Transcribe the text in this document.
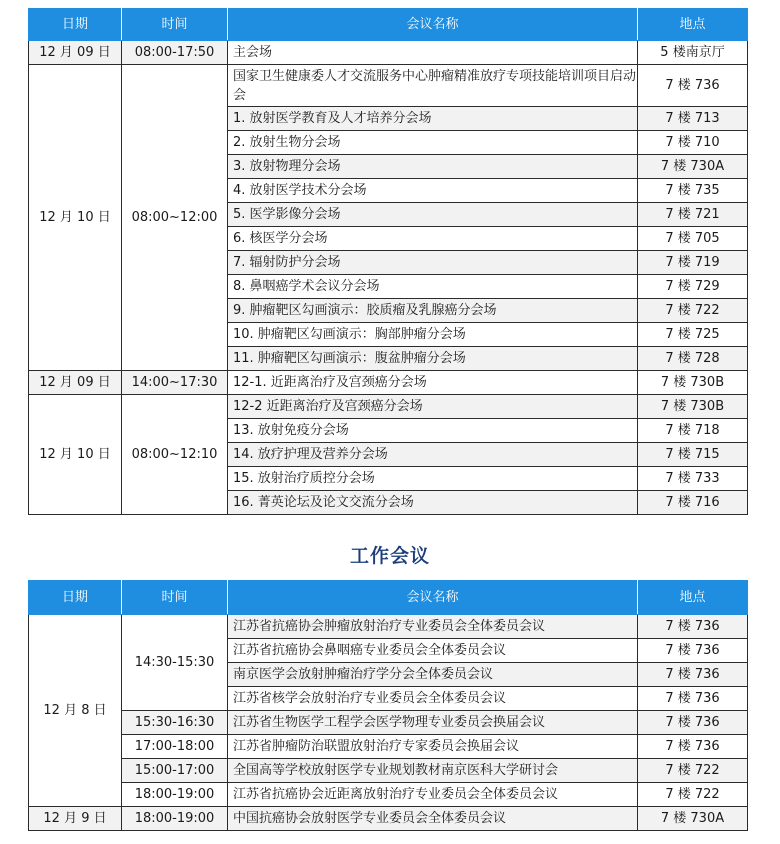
日期	时间	会议名称	地点
12 月 09 日	08:00-17:50	主会场	5 楼南京厅
12 月 10 日	08:00~12:00	国家卫生健康委人才交流服务中心肿瘤精准放疗专项技能培训项目启动会	7 楼 736
		1. 放射医学教育及人才培养分会场	7 楼 713
		2. 放射生物分会场	7 楼 710
		3. 放射物理分会场	7 楼 730A
		4. 放射医学技术分会场	7 楼 735
		5. 医学影像分会场	7 楼 721
		6. 核医学分会场	7 楼 705
		7. 辐射防护分会场	7 楼 719
		8. 鼻咽癌学术会议分会场	7 楼 729
		9. 肿瘤靶区勾画演示：胶质瘤及乳腺癌分会场	7 楼 722
		10. 肿瘤靶区勾画演示：胸部肿瘤分会场	7 楼 725
		11. 肿瘤靶区勾画演示：腹盆肿瘤分会场	7 楼 728
12 月 09 日	14:00~17:30	12-1. 近距离治疗及宫颈癌分会场	7 楼 730B
12 月 10 日	08:00~12:10	12-2 近距离治疗及宫颈癌分会场	7 楼 730B
		13. 放射免疫分会场	7 楼 718
		14. 放疗护理及营养分会场	7 楼 715
		15. 放射治疗质控分会场	7 楼 733
		16. 菁英论坛及论文交流分会场	7 楼 716
工作会议
日期	时间	会议名称	地点
12 月 8 日	14:30-15:30	江苏省抗癌协会肿瘤放射治疗专业委员会全体委员会议	7 楼 736
		江苏省抗癌协会鼻咽癌专业委员会全体委员会议	7 楼 736
		南京医学会放射肿瘤治疗学分会全体委员会议	7 楼 736
		江苏省核学会放射治疗专业委员会全体委员会议	7 楼 736
	15:30-16:30	江苏省生物医学工程学会医学物理专业委员会换届会议	7 楼 736
	17:00-18:00	江苏省肿瘤防治联盟放射治疗专家委员会换届会议	7 楼 736
	15:00-17:00	全国高等学校放射医学专业规划教材南京医科大学研讨会	7 楼 722
	18:00-19:00	江苏省抗癌协会近距离放射治疗专业委员会全体委员会议	7 楼 722
12 月 9 日	18:00-19:00	中国抗癌协会放射医学专业委员会全体委员会议	7 楼 730A
